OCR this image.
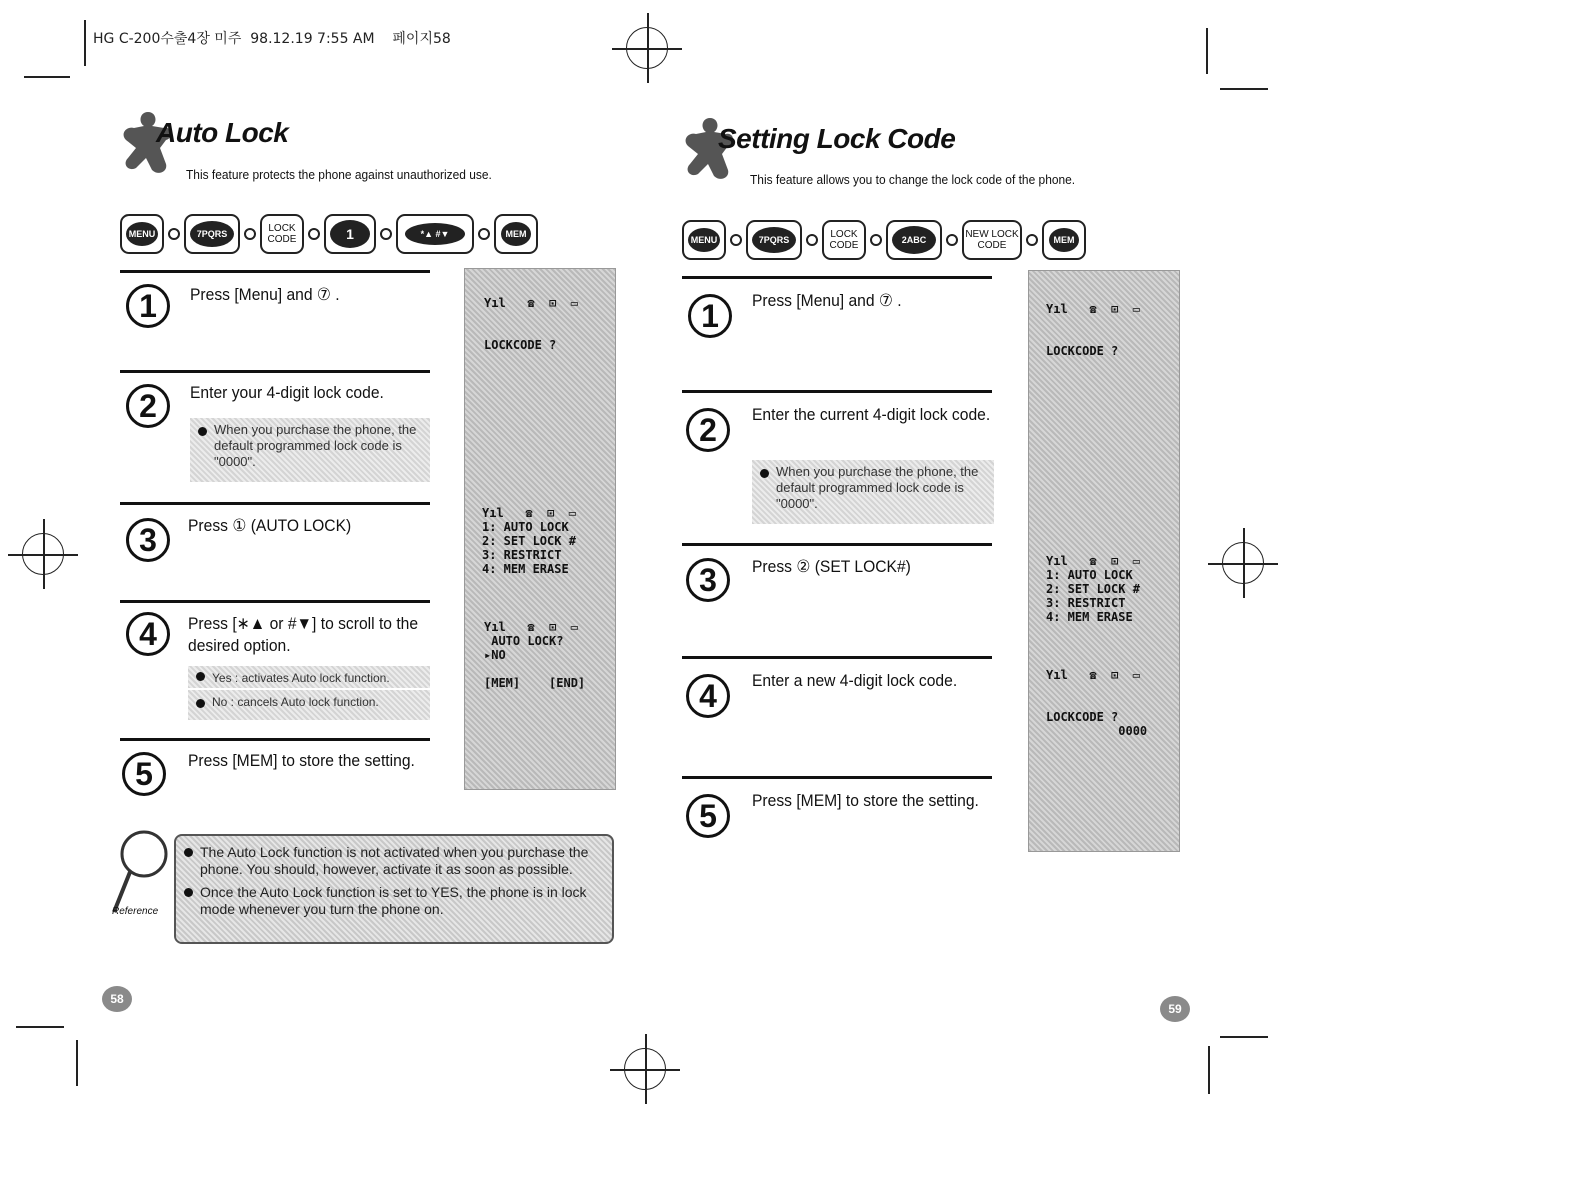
HG C-200수출4장 미주  98.12.19 7:55 AM    페이지58
Auto Lock
This feature protects the phone against unauthorized use.
MENU	7PQRS	LOCK
CODE	1	*▲ #▼	MEM
1	Press [Menu] and ⑦ .
2	Enter your 4-digit lock code.
When you purchase the phone, the default programmed lock code is "0000".
3	Press ① (AUTO LOCK)
4	Press [∗▲ or #▼] to scroll to the desired option.
Yes : activates Auto lock function.
No : cancels Auto lock function.
5	Press [MEM] to store the setting.
Yıl   ☎  ⊡  ▭

LOCKCODE ?
Yıl   ☎  ⊡  ▭
1: AUTO LOCK
2: SET LOCK #
3: RESTRICT
4: MEM ERASE
Yıl   ☎  ⊡  ▭
AUTO LOCK?
▸NO

[MEM]    [END]
Reference
The Auto Lock function is not activated when you purchase the phone. You should, however, activate it as soon as possible.
Once the Auto Lock function is set to YES, the phone is in lock mode whenever you turn the phone on.
58
Setting Lock Code
This feature allows you to change the lock code of the phone.
MENU	7PQRS	LOCK
CODE	2ABC	NEW LOCK
CODE	MEM
1	Press [Menu] and ⑦ .
2	Enter the current 4-digit lock code.
When you purchase the phone, the default programmed lock code is "0000".
3	Press ② (SET LOCK#)
4	Enter a new 4-digit lock code.
5	Press [MEM] to store the setting.
Yıl   ☎  ⊡  ▭

LOCKCODE ?
Yıl   ☎  ⊡  ▭
1: AUTO LOCK
2: SET LOCK #
3: RESTRICT
4: MEM ERASE
Yıl   ☎  ⊡  ▭

LOCKCODE ?
0000
59
